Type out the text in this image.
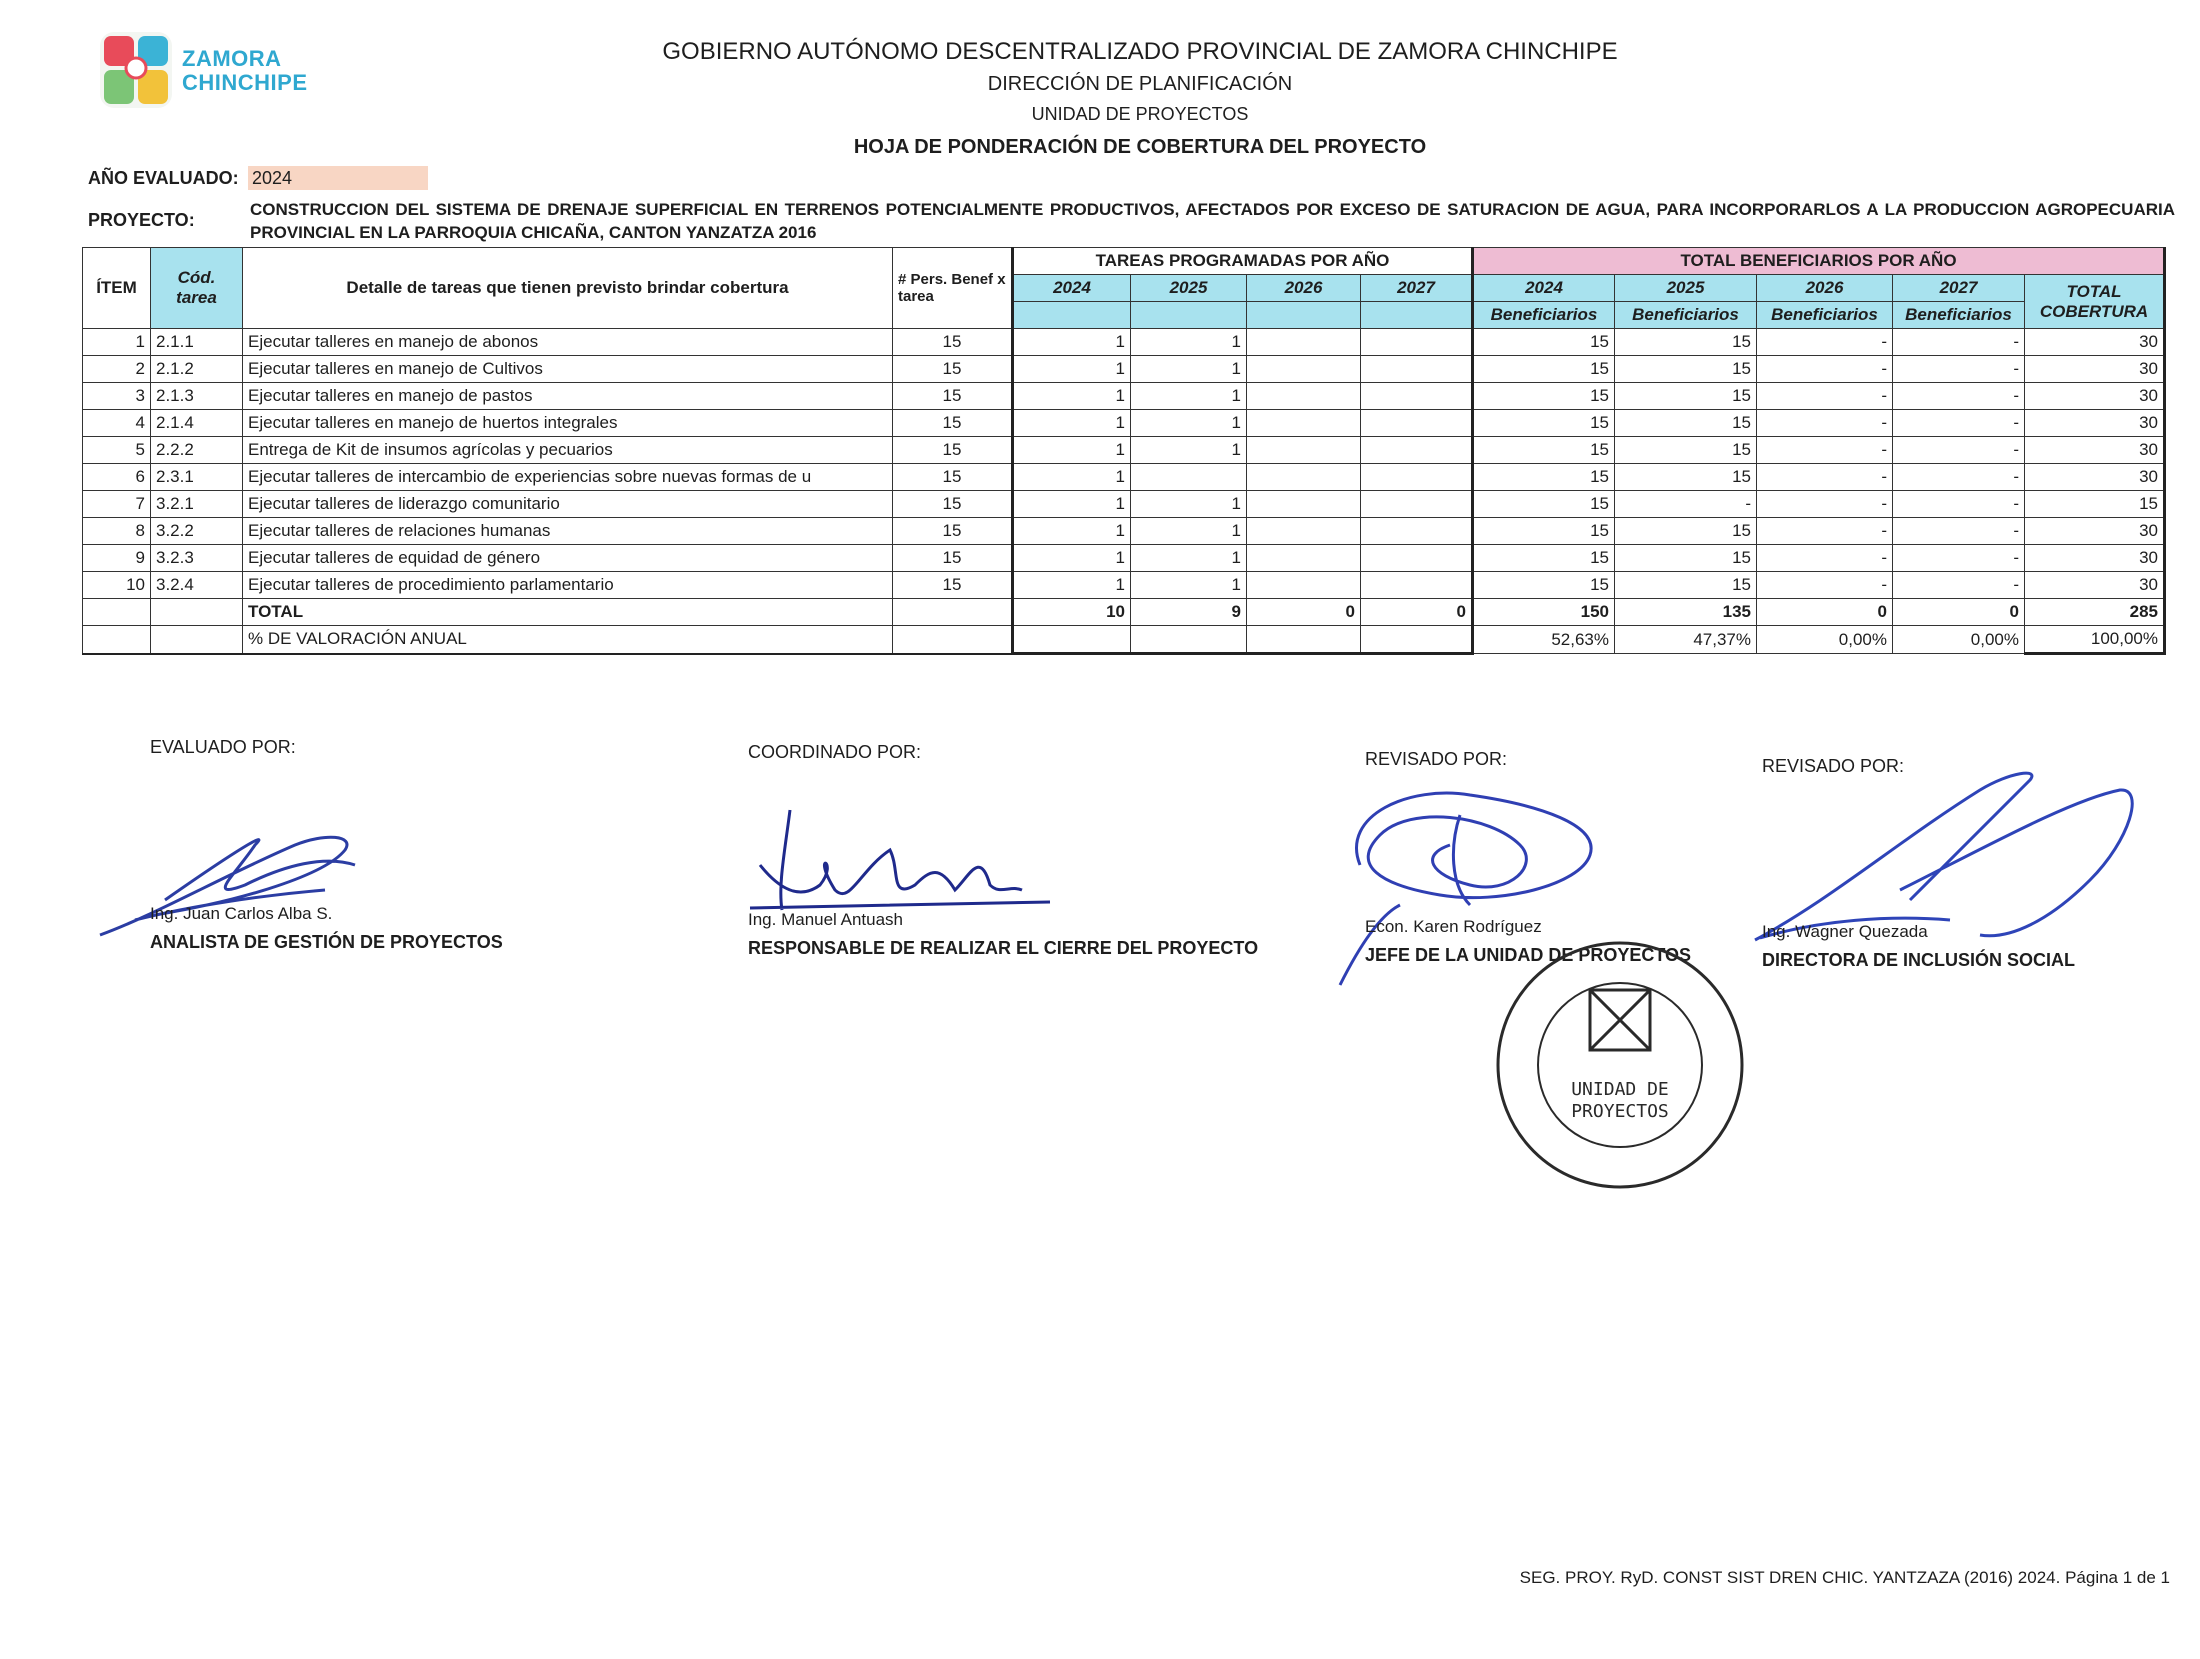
ZAMORA
CHINCHIPE
GOBIERNO AUTÓNOMO DESCENTRALIZADO PROVINCIAL DE ZAMORA CHINCHIPE
DIRECCIÓN DE PLANIFICACIÓN
UNIDAD DE PROYECTOS
HOJA DE PONDERACIÓN DE COBERTURA DEL PROYECTO
AÑO EVALUADO: 2024
PROYECTO:
CONSTRUCCION DEL SISTEMA DE DRENAJE SUPERFICIAL EN TERRENOS POTENCIALMENTE PRODUCTIVOS, AFECTADOS POR EXCESO DE SATURACION DE AGUA, PARA INCORPORARLOS A LA PRODUCCION AGROPECUARIA PROVINCIAL EN LA PARROQUIA CHICAÑA, CANTON YANZATZA 2016
ÍTEM	Cód. tarea	Detalle de tareas que tienen previsto brindar cobertura	# Pers. Benef x tarea	TAREAS PROGRAMADAS POR AÑO				TOTAL BENEFICIARIOS POR AÑO				
				2024	2025	2026	2027	2024	2025	2026	2027	TOTAL COBERTURA
								Beneficiarios	Beneficiarios	Beneficiarios	Beneficiarios	
1	2.1.1	Ejecutar talleres en manejo de abonos	15	1	1			15	15	-	-	30
2	2.1.2	Ejecutar talleres en manejo de Cultivos	15	1	1			15	15	-	-	30
3	2.1.3	Ejecutar talleres en manejo de pastos	15	1	1			15	15	-	-	30
4	2.1.4	Ejecutar talleres en manejo de huertos integrales	15	1	1			15	15	-	-	30
5	2.2.2	Entrega de Kit de insumos agrícolas y pecuarios	15	1	1			15	15	-	-	30
6	2.3.1	Ejecutar talleres de intercambio de experiencias sobre nuevas formas de u	15	1				15	15	-	-	30
7	3.2.1	Ejecutar talleres de liderazgo comunitario	15	1	1			15	-	-	-	15
8	3.2.2	Ejecutar talleres de relaciones humanas	15	1	1			15	15	-	-	30
9	3.2.3	Ejecutar talleres de equidad de género	15	1	1			15	15	-	-	30
10	3.2.4	Ejecutar talleres de procedimiento parlamentario	15	1	1			15	15	-	-	30
		TOTAL		10	9	0	0	150	135	0	0	285
		% DE VALORACIÓN ANUAL						52,63%	47,37%	0,00%	0,00%	100,00%
EVALUADO POR:
Ing. Juan Carlos Alba S.
ANALISTA DE GESTIÓN DE PROYECTOS
COORDINADO POR:
Ing. Manuel Antuash
RESPONSABLE DE REALIZAR EL CIERRE DEL PROYECTO
REVISADO POR:
Econ. Karen Rodríguez
JEFE DE LA UNIDAD DE PROYECTOS
REVISADO POR:
Ing. Wagner Quezada
DIRECTORA DE INCLUSIÓN SOCIAL
UNIDAD DE
PROYECTOS
SEG. PROY. RyD. CONST SIST DREN CHIC. YANTZAZA (2016) 2024. Página 1 de 1
